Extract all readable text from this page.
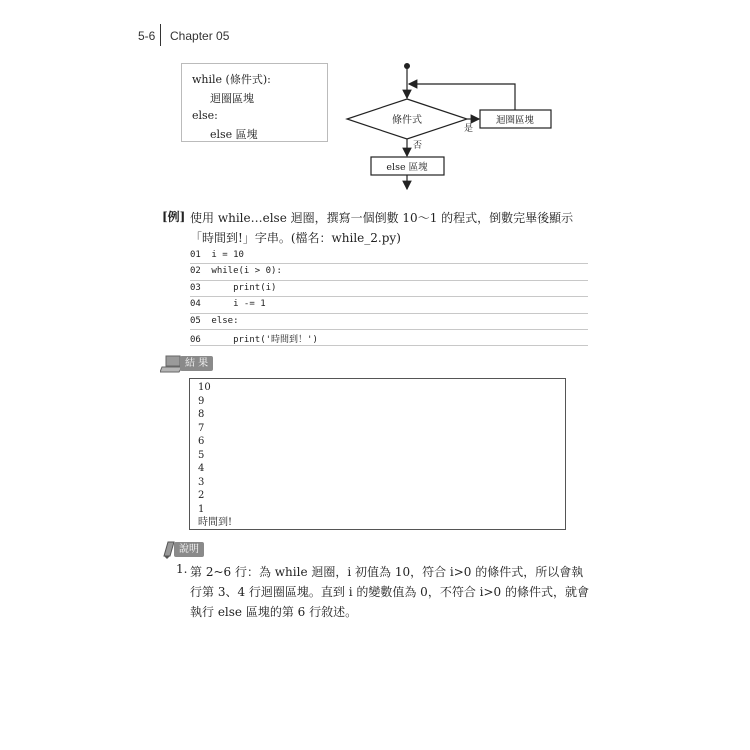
5-6 Chapter 05
while (條件式):
迴圈區塊
else:
else 區塊
條件式
是
迴圈區塊
否
else 區塊
[例] 使用 while…else 迴圈，撰寫一個倒數 10～1 的程式，倒數完畢後顯示「時間到!」字串。(檔名：while_2.py)
01 i = 10
02 while(i > 0):
03     print(i)
04     i -= 1
05 else:
06     print('時間到！')
結 果
10
9
8
7
6
5
4
3
2
1
時間到!
說明
1. 第 2~6 行：為 while 迴圈，i 初值為 10，符合 i>0 的條件式，所以會執行第 3、4 行迴圈區塊。直到 i 的變數值為 0，不符合 i>0 的條件式，就會執行 else 區塊的第 6 行敘述。
